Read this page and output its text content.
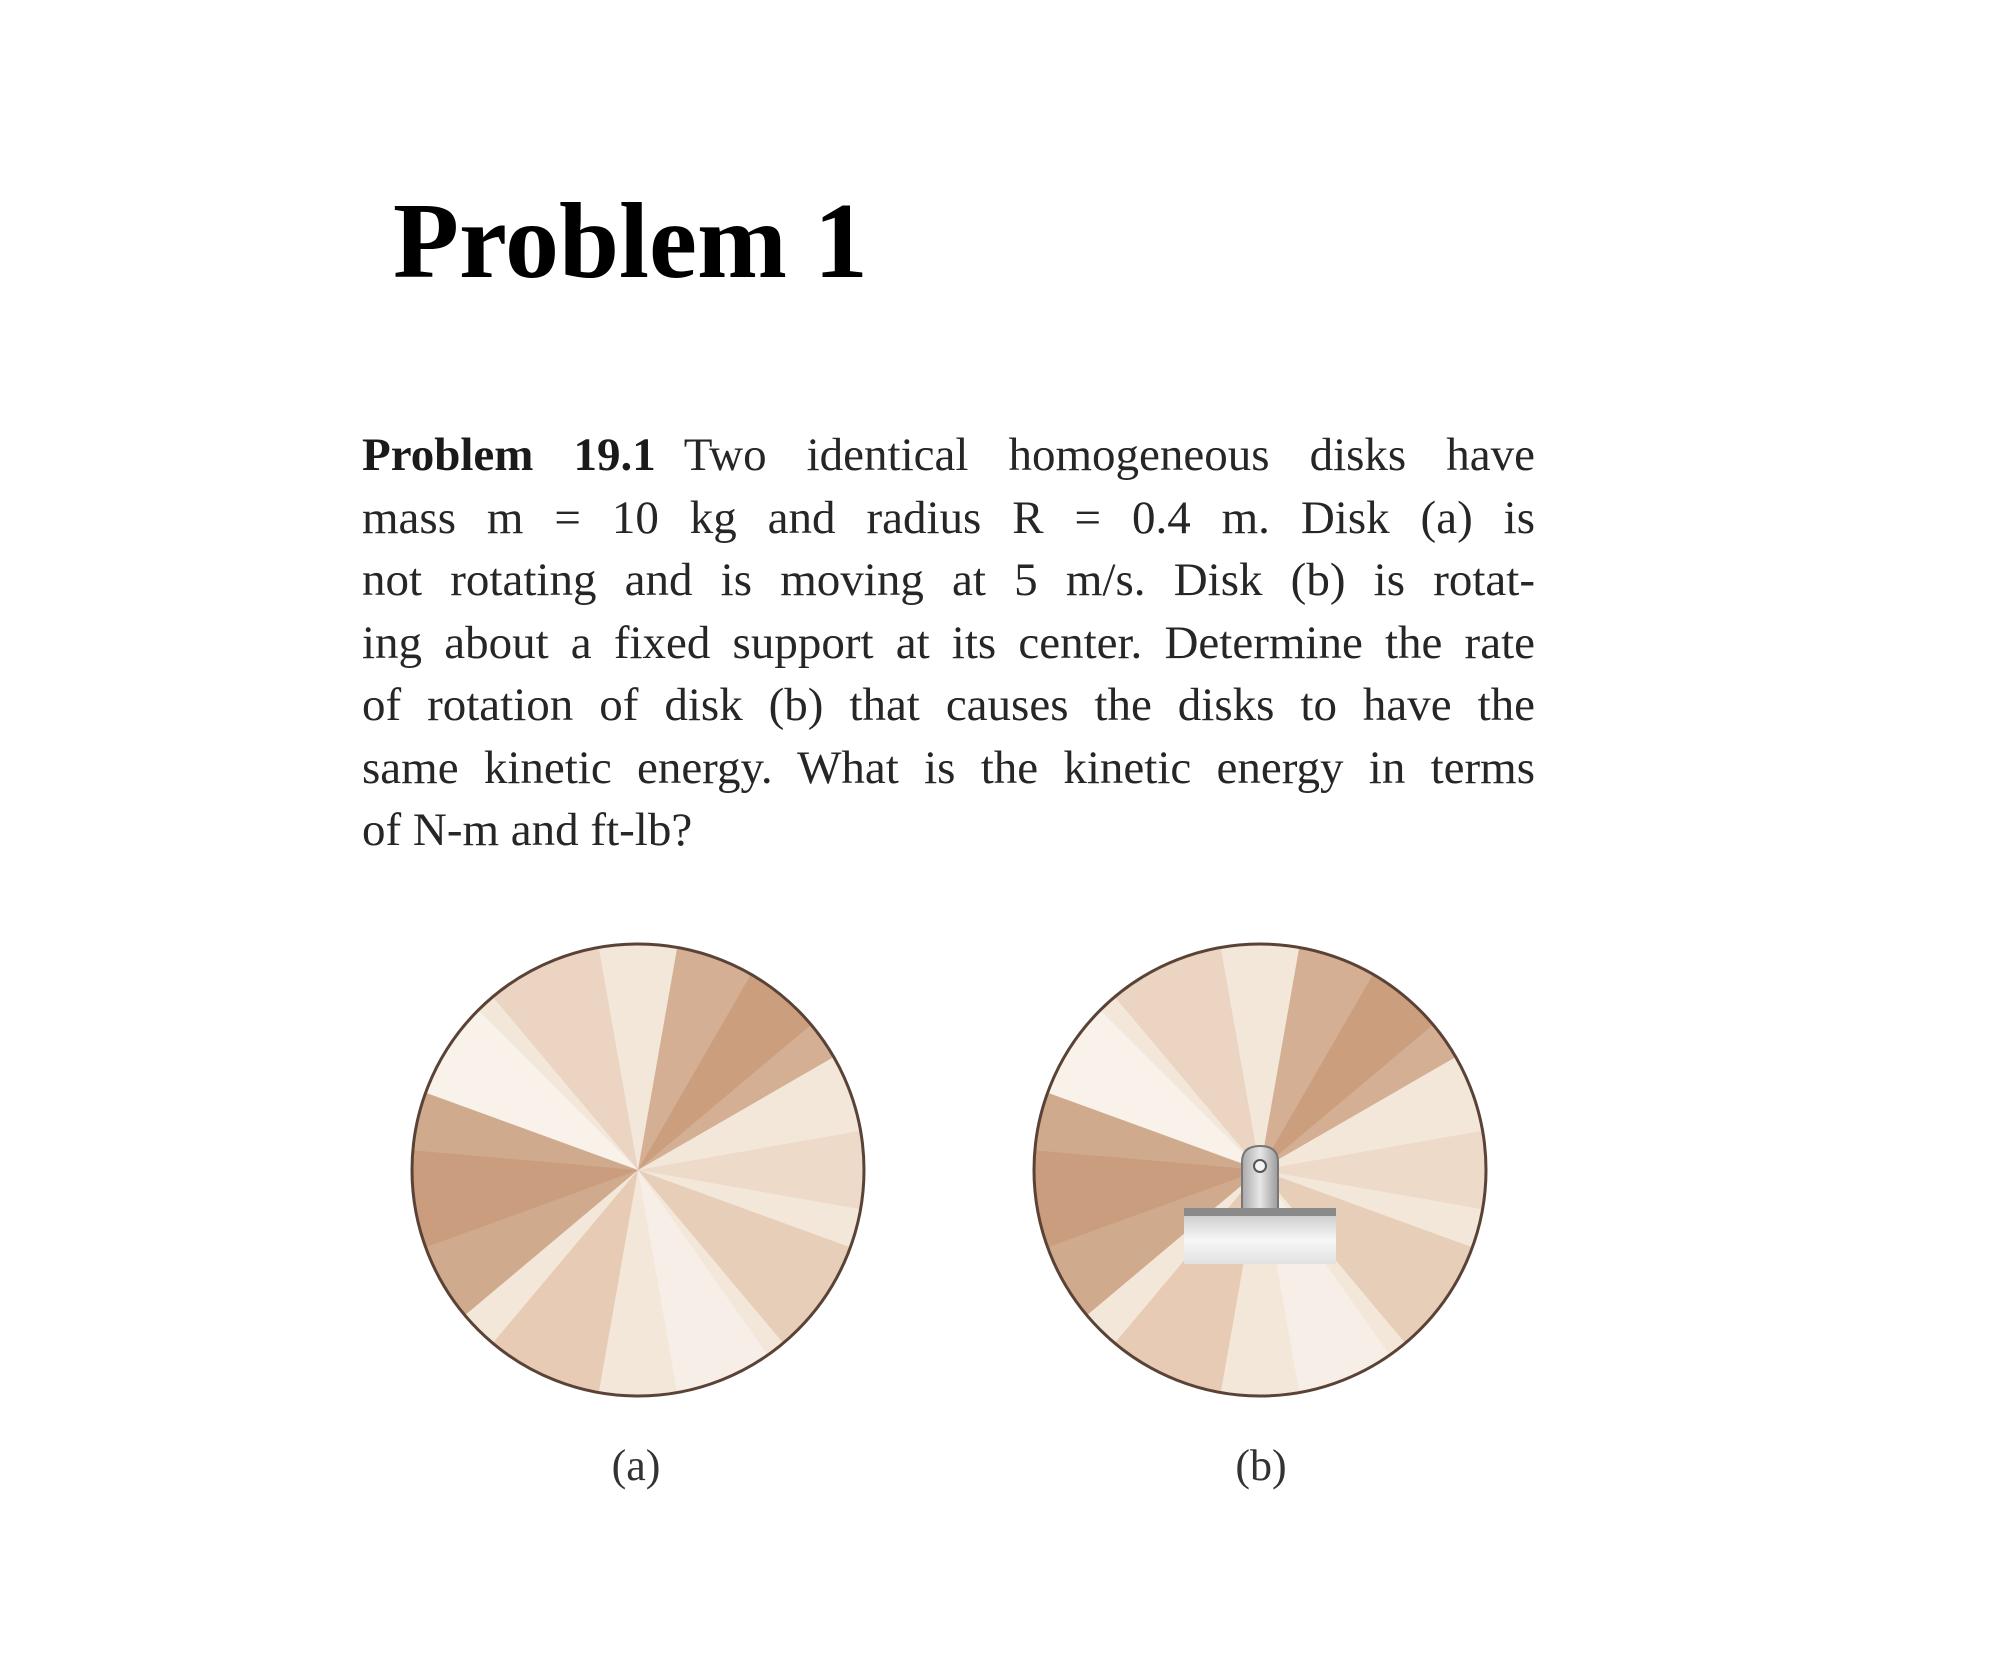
Problem 1
Problem 19.1 Two identical homogeneous disks have
mass m = 10 kg and radius R = 0.4 m. Disk (a) is
not rotating and is moving at 5 m/s. Disk (b) is rotat-
ing about a fixed support at its center. Determine the rate
of rotation of disk (b) that causes the disks to have the
same kinetic energy. What is the kinetic energy in terms
of N-m and ft-lb?
(a)	(b)
